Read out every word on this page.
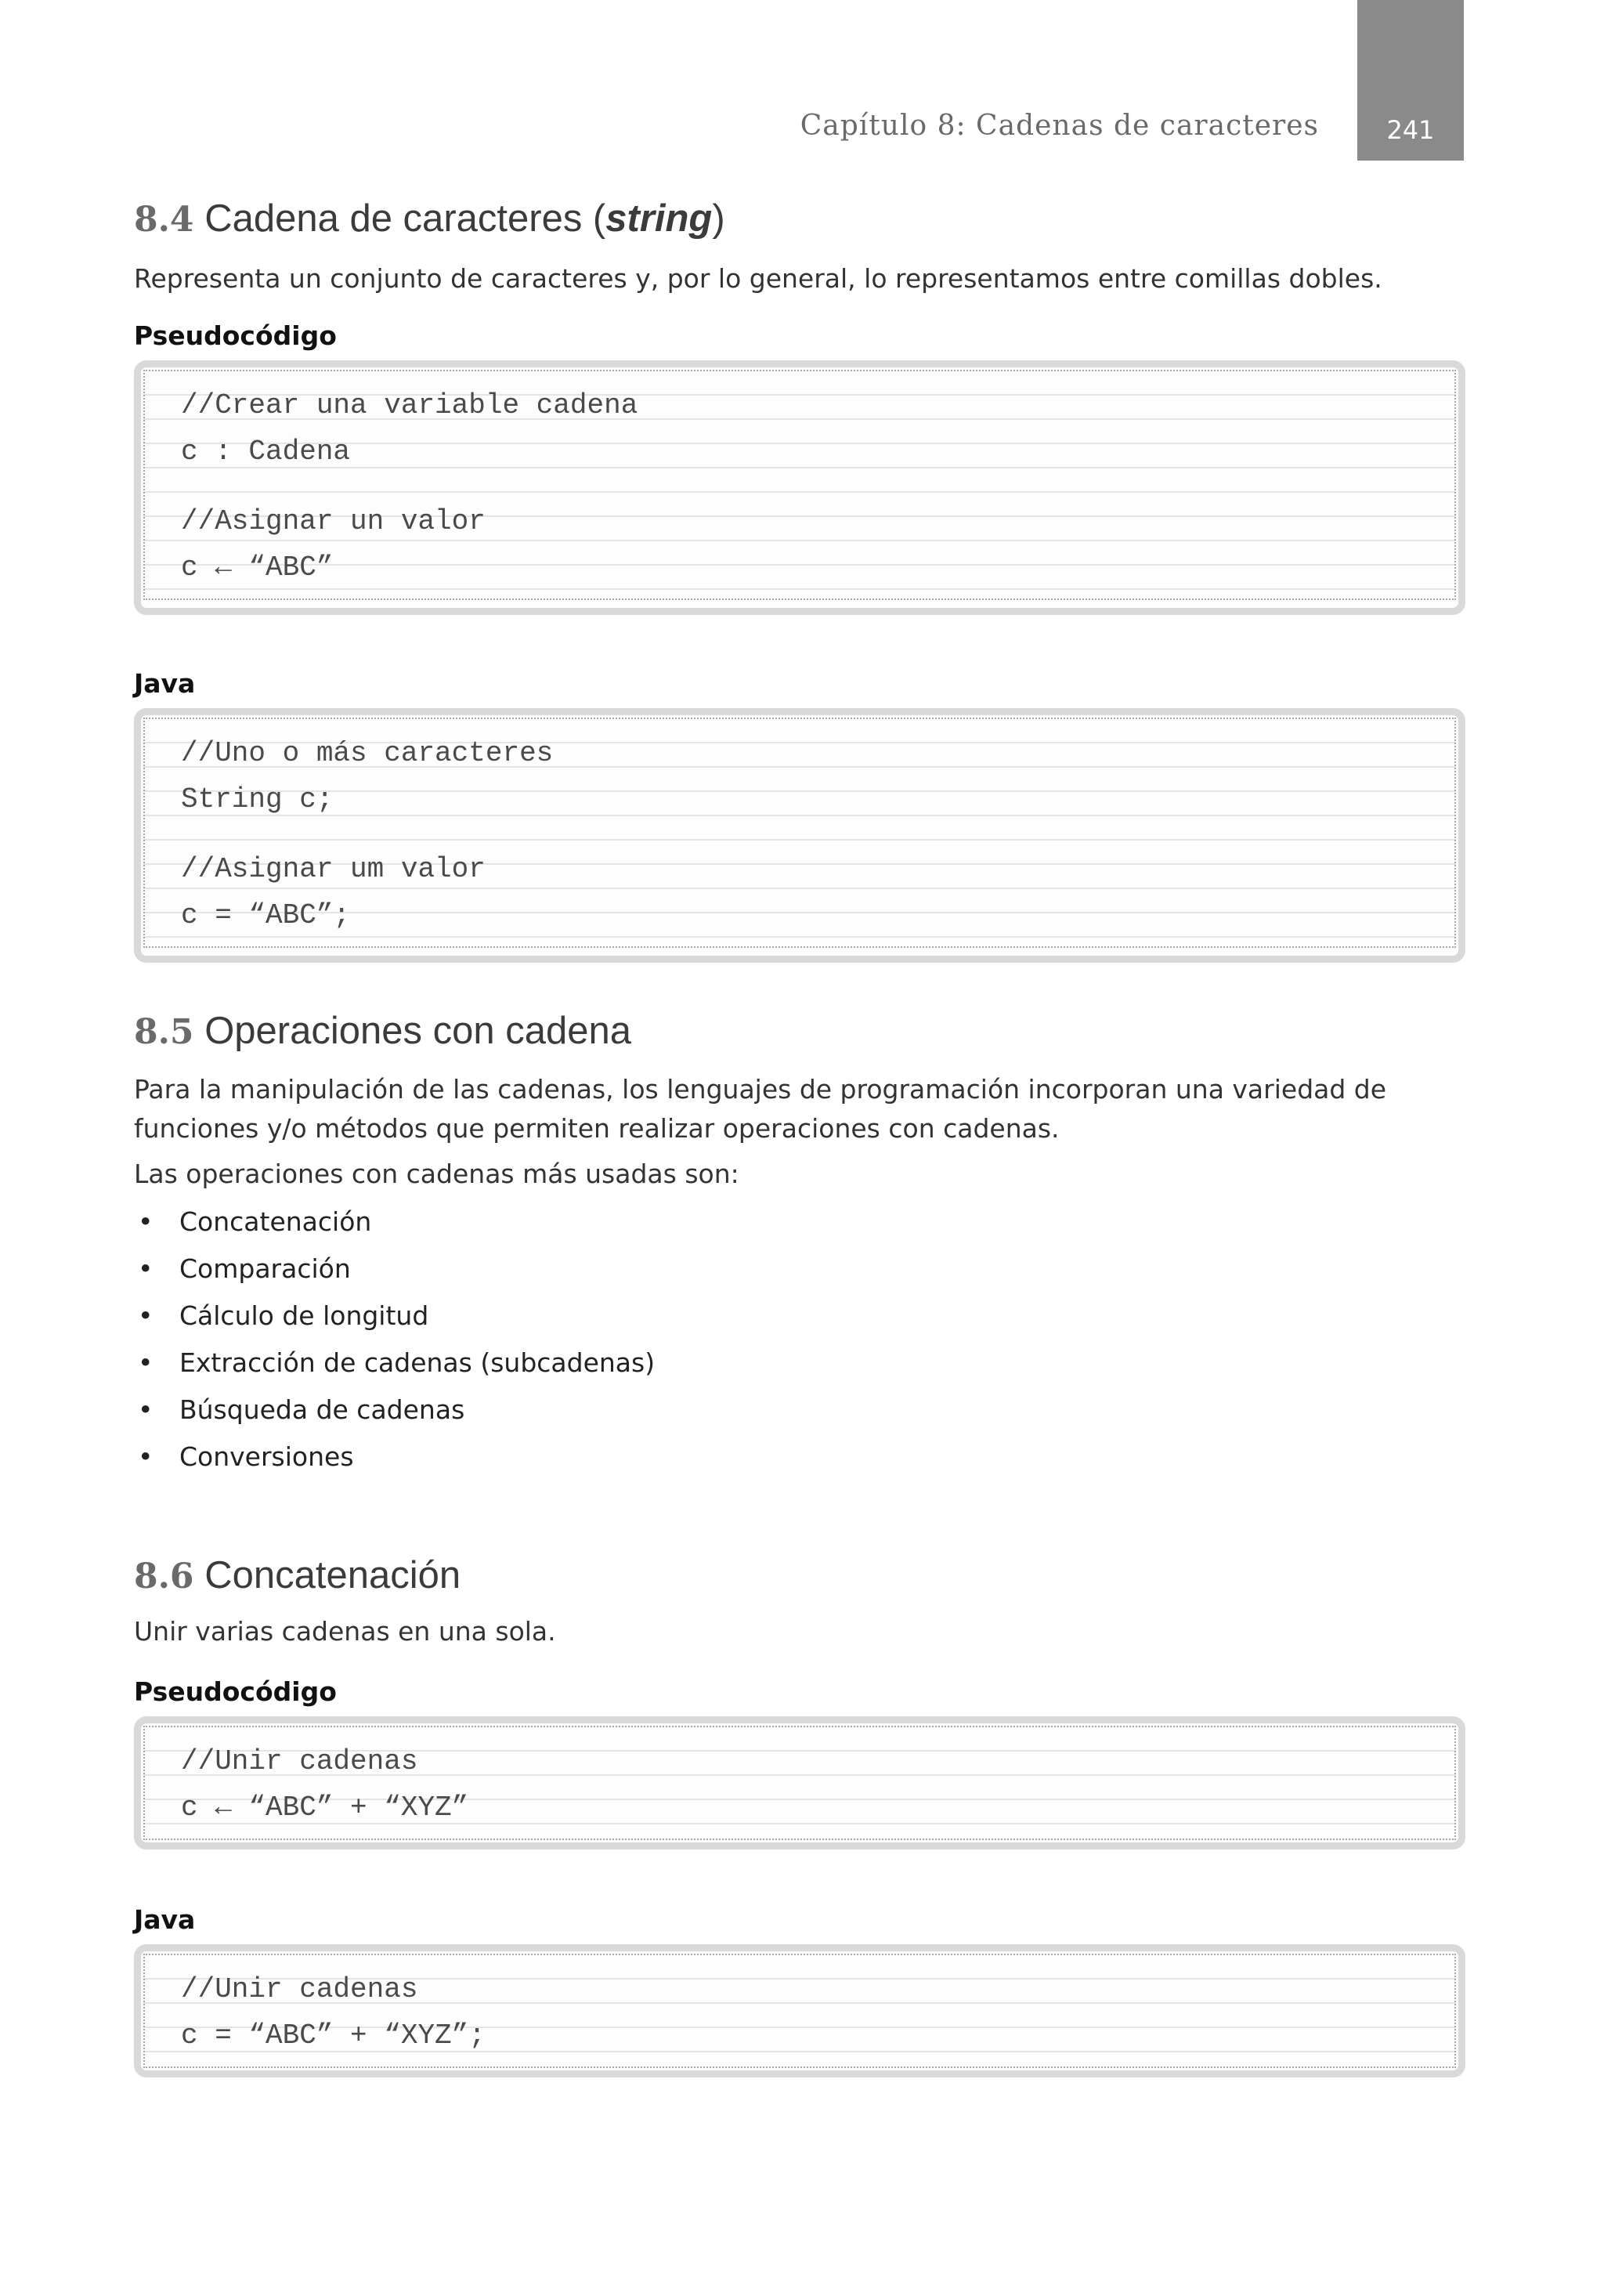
Capítulo 8: Cadenas de caracteres	241
8.4 Cadena de caracteres (string)

Representa un conjunto de caracteres y, por lo general, lo representamos entre comillas dobles.

Pseudocódigo

//Crear una variable cadena
c : Cadena
//Asignar un valor
c ← “ABC”

Java

//Uno o más caracteres
String c;
//Asignar um valor
c = “ABC”;
8.5 Operaciones con cadena

Para la manipulación de las cadenas, los lenguajes de programación incorporan una variedad de funciones y/o métodos que permiten realizar operaciones con cadenas.

Las operaciones con cadenas más usadas son:

• Concatenación
• Comparación
• Cálculo de longitud
• Extracción de cadenas (subcadenas)
• Búsqueda de cadenas
• Conversiones
8.6 Concatenación

Unir varias cadenas en una sola.

Pseudocódigo

//Unir cadenas
c ← “ABC” + “XYZ”

Java

//Unir cadenas
c = “ABC” + “XYZ”;
